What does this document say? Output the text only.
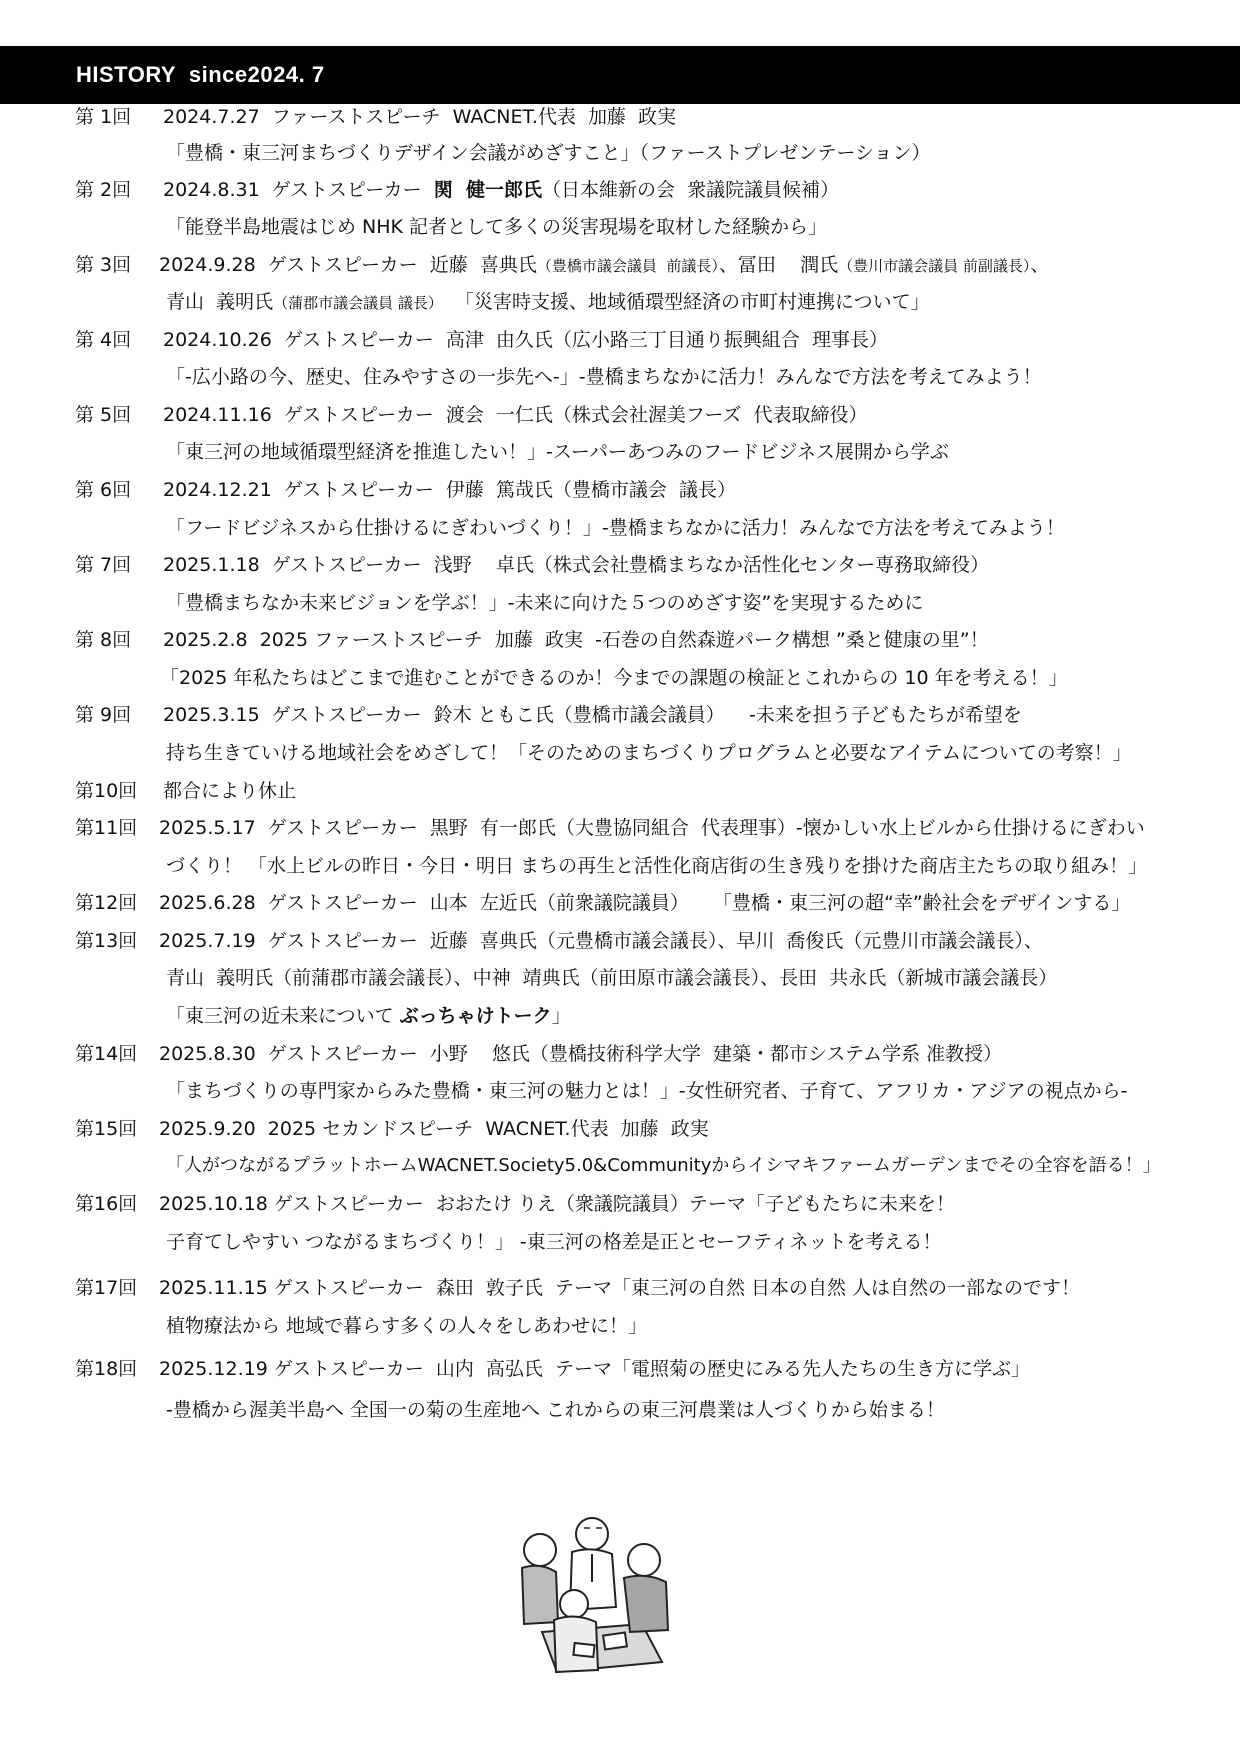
HISTORY  since2024. 7
第 1回 2024.7.27  ファーストスピーチ  WACNET.代表  加藤  政実
「豊橋・東三河まちづくりデザイン会議がめざすこと」（ファーストプレゼンテーション）
第 2回 2024.8.31  ゲストスピーカー  関  健一郎氏（日本維新の会  衆議院議員候補）
「能登半島地震はじめ NHK 記者として多くの災害現場を取材した経験から」
第 3回 2024.9.28  ゲストスピーカー  近藤  喜典氏（豊橋市議会議員  前議長）、冨田    潤氏（豊川市議会議員 前副議長）、
青山  義明氏（蒲郡市議会議員 議長）  「災害時支援、地域循環型経済の市町村連携について」
第 4回 2024.10.26  ゲストスピーカー  高津  由久氏（広小路三丁目通り振興組合  理事長）
「-広小路の今、歴史、住みやすさの一歩先へ-」-豊橋まちなかに活力！みんなで方法を考えてみよう！
第 5回 2024.11.16  ゲストスピーカー  渡会  一仁氏（株式会社渥美フーズ  代表取締役）
「東三河の地域循環型経済を推進したい！」-スーパーあつみのフードビジネス展開から学ぶ
第 6回 2024.12.21  ゲストスピーカー  伊藤  篤哉氏（豊橋市議会  議長）
「フードビジネスから仕掛けるにぎわいづくり！」-豊橋まちなかに活力！みんなで方法を考えてみよう！
第 7回 2025.1.18  ゲストスピーカー  浅野    卓氏（株式会社豊橋まちなか活性化センター専務取締役）
「豊橋まちなか未来ビジョンを学ぶ！」-未来に向けた５つのめざす姿”を実現するために
第 8回 2025.2.8  2025 ファーストスピーチ  加藤  政実  -石巻の自然森遊パーク構想 ”桑と健康の里”！
「2025 年私たちはどこまで進むことができるのか！今までの課題の検証とこれからの 10 年を考える！」
第 9回 2025.3.15  ゲストスピーカー  鈴木 ともこ氏（豊橋市議会議員）    -未来を担う子どもたちが希望を
持ち生きていける地域社会をめざして！「そのためのまちづくりプログラムと必要なアイテムについての考察！」
第10回 都合により休止
第11回 2025.5.17  ゲストスピーカー  黒野  有一郎氏（大豊協同組合  代表理事）-懐かしい水上ビルから仕掛けるにぎわい
づくり！ 「水上ビルの昨日・今日・明日 まちの再生と活性化商店街の生き残りを掛けた商店主たちの取り組み！」
第12回 2025.6.28  ゲストスピーカー  山本  左近氏（前衆議院議員）    「豊橋・東三河の超“幸”齢社会をデザインする」
第13回 2025.7.19  ゲストスピーカー  近藤  喜典氏（元豊橋市議会議長）、早川  喬俊氏（元豊川市議会議長）、
青山  義明氏（前蒲郡市議会議長）、中神  靖典氏（前田原市議会議長）、長田  共永氏（新城市議会議長）
「東三河の近未来について ぶっちゃけトーク」
第14回 2025.8.30  ゲストスピーカー  小野    悠氏（豊橋技術科学大学  建築・都市システム学系 准教授）
「まちづくりの専門家からみた豊橋・東三河の魅力とは！」-女性研究者、子育て、アフリカ・アジアの視点から-
第15回 2025.9.20  2025 セカンドスピーチ  WACNET.代表  加藤  政実
「人がつながるプラットホームWACNET.Society5.0&Communityからイシマキファームガーデンまでその全容を語る！」
第16回 2025.10.18 ゲストスピーカー  おおたけ りえ（衆議院議員）テーマ「子どもたちに未来を！
子育てしやすい つながるまちづくり！」 -東三河の格差是正とセーフティネットを考える！
第17回 2025.11.15 ゲストスピーカー  森田  敦子氏  テーマ「東三河の自然 日本の自然 人は自然の一部なのです！
植物療法から 地域で暮らす多くの人々をしあわせに！」
第18回 2025.12.19 ゲストスピーカー  山内  高弘氏  テーマ「電照菊の歴史にみる先人たちの生き方に学ぶ」
-豊橋から渥美半島へ 全国一の菊の生産地へ これからの東三河農業は人づくりから始まる！
